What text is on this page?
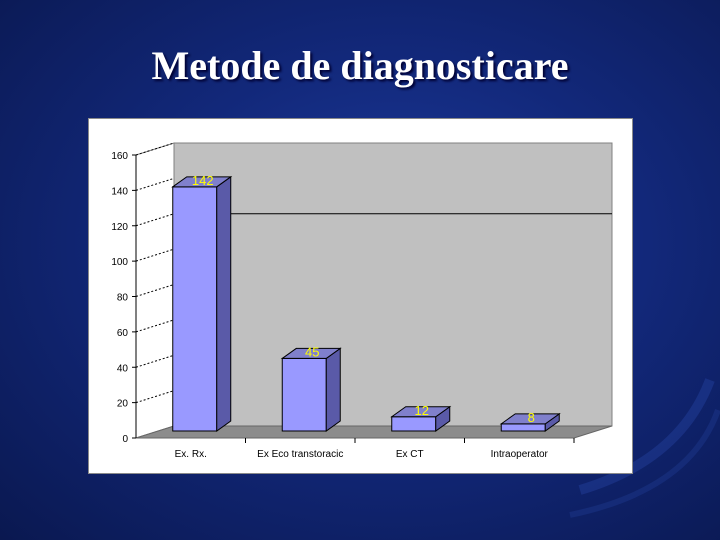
Metode de diagnosticare
0
20
40
60
80
100
120
140
160
142
Ex. Rx.
45
Ex Eco transtoracic
12
Ex CT
8
Intraoperator
